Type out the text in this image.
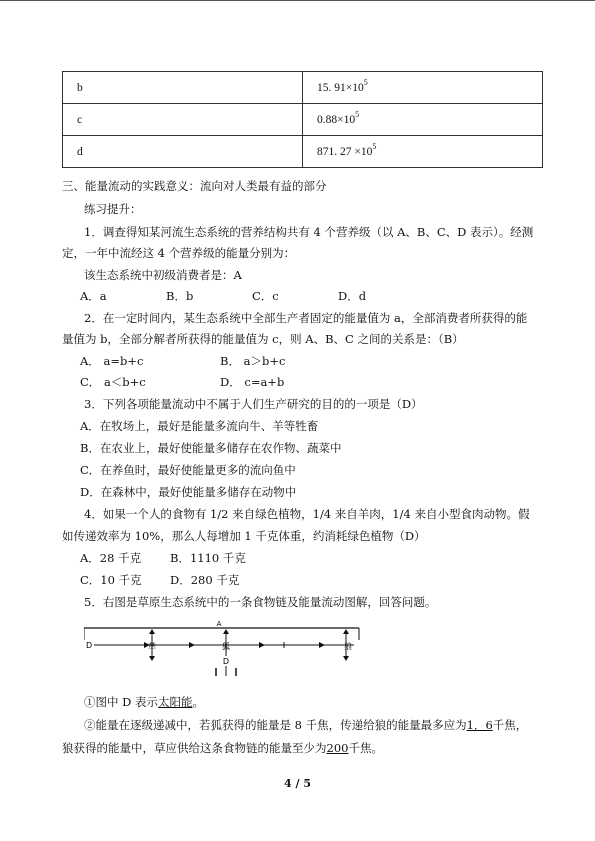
b	15. $91\times 10^5$
c	$0.88\times 10^5$
d	871. $27 \times 10^5$
三、能量流动的实践意义：流向对人类最有益的部分
练习提升：
1．调查得知某河流生态系统的营养结构共有 4 个营养级（以 A、B、C、D 表示）。经测
定，一年中流经这 4 个营养级的能量分别为：
该生态系统中初级消费者是：A
A．a	B．b	C．c	D．d
2．在一定时间内，某生态系统中全部生产者固定的能量值为 a，全部消费者所获得的能
量值为 b，全部分解者所获得的能量值为 c，则 A、B、C 之间的关系是：（B）
A． a=b+c	B． a＞b+c
C． a＜b+c	D． c=a+b
3．下列各项能量流动中不属于人们生产研究的目的的一项是（D）
A．在牧场上，最好是能量多流向牛、羊等牲畜
B．在农业上，最好使能量多储存在农作物、蔬菜中
C．在养鱼时，最好使能量更多的流向鱼中
D．在森林中，最好使能量多储存在动物中
4．如果一个人的食物有 1/2 来自绿色植物，1/4 来自羊肉，1/4 来自小型食肉动物。假
如传递效率为 10%，那么人每增加 1 千克体重，约消耗绿色植物（D）
A．28 千克	B．1110 千克
C．10 千克 D．280 千克
5．右图是草原生态系统中的一条食物链及能量流动图解，回答问题。
A
D	草	狐
D
狼
①图中 D 表示太阳能。
②能量在逐级递减中，若狐获得的能量是 8 千焦，传递给狼的能量最多应为1．6千焦，
狼获得的能量中，草应供给这条食物链的能量至少为200千焦。
4 / 5
